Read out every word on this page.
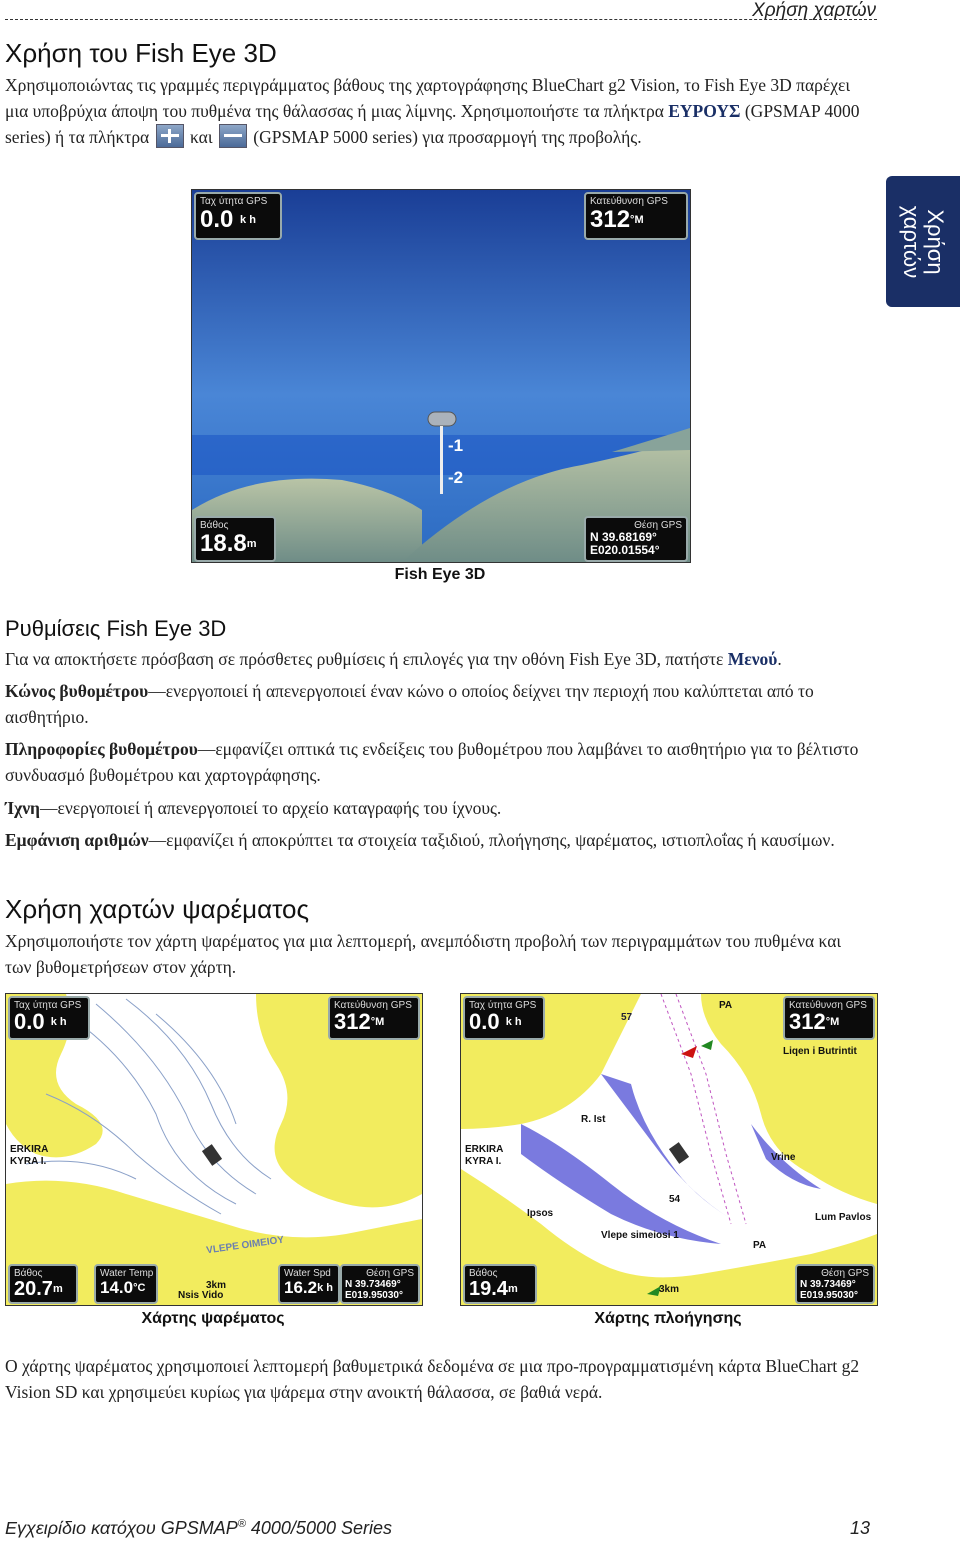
Χρήση χαρτών
Χρήση
χαρτών
Χρήση του Fish Eye 3D

Χρησιμοποιώντας τις γραμμές περιγράμματος βάθους της χαρτογράφησης BlueChart g2 Vision, το Fish Eye 3D παρέχει μια υποβρύχια άποψη του πυθμένα της θάλασσας ή μιας λίμνης. Χρησιμοποιήστε τα πλήκτρα ΕΥΡΟΥΣ (GPSMAP 4000 series) ή τα πλήκτρα
και
(GPSMAP 5000 series) για προσαρμογή της προβολής.

-1
-2
Ταχ ύτητα GPS
0.0 $^{k h}$
Κατεύθυνση GPS
$312^{^\circ M}$
Βάθος
18.8$^m$
Θέση GPS
N 39.68169°
E020.01554°
Fish Eye 3D
Ρυθμίσεις Fish Eye 3D

Για να αποκτήσετε πρόσβαση σε πρόσθετες ρυθμίσεις ή επιλογές για την οθόνη Fish Eye 3D, πατήστε Μενού.

Κώνος βυθομέτρου—ενεργοποιεί ή απενεργοποιεί έναν κώνο ο οποίος δείχνει την περιοχή που καλύπτεται από το αισθητήριο.

Πληροφορίες βυθομέτρου—εμφανίζει οπτικά τις ενδείξεις του βυθομέτρου που λαμβάνει το αισθητήριο για το βέλτιστο συνδυασμό βυθομέτρου και χαρτογράφησης.

Ίχνη—ενεργοποιεί ή απενεργοποιεί το αρχείο καταγραφής του ίχνους.

Εμφάνιση αριθμών—εμφανίζει ή αποκρύπτει τα στοιχεία ταξιδιού, πλοήγησης, ψαρέματος, ιστιοπλοΐας ή καυσίμων.

Χρήση χαρτών ψαρέματος

Χρησιμοποιήστε τον χάρτη ψαρέματος για μια λεπτομερή, ανεμπόδιστη προβολή των περιγραμμάτων του πυθμένα και των βυθομετρήσεων στον χάρτη.

ERKIRA
KYRA I.
VLEPE OIMEIOY
Nsis Vido
3km
Ταχ ύτητα GPS
0.0 $^{k h}$
Κατεύθυνση GPS
$312^{^\circ M}$
Βάθος
20.7$^m$
Water Temp
$14.0^{^\circ C}$
Water Spd
$16.2^{k h}$
Θέση GPS
N 39.73469°
E019.95030°
Χάρτης ψαρέματος
PA
57
Liqen i Butrintit
R. Ist
ERKIRA
KYRA I.	Vrine
54
Ipsos	Lum Pavlos
Vlepe simeiosi 1
PA
3km
Ταχ ύτητα GPS
0.0 $^{k h}$
Κατεύθυνση GPS
$312^{^\circ M}$
Βάθος
19.4$^m$
Θέση GPS
N 39.73469°
E019.95030°
Χάρτης πλοήγησης

Ο χάρτης ψαρέματος χρησιμοποιεί λεπτομερή βαθυμετρικά δεδομένα σε μια προ-προγραμματισμένη κάρτα BlueChart g2 Vision SD και χρησιμεύει κυρίως για ψάρεμα στην ανοικτή θάλασσα, σε βαθιά νερά.

Εγχειρίδιο κατόχου GPSMAP® 4000/5000 Series	13
